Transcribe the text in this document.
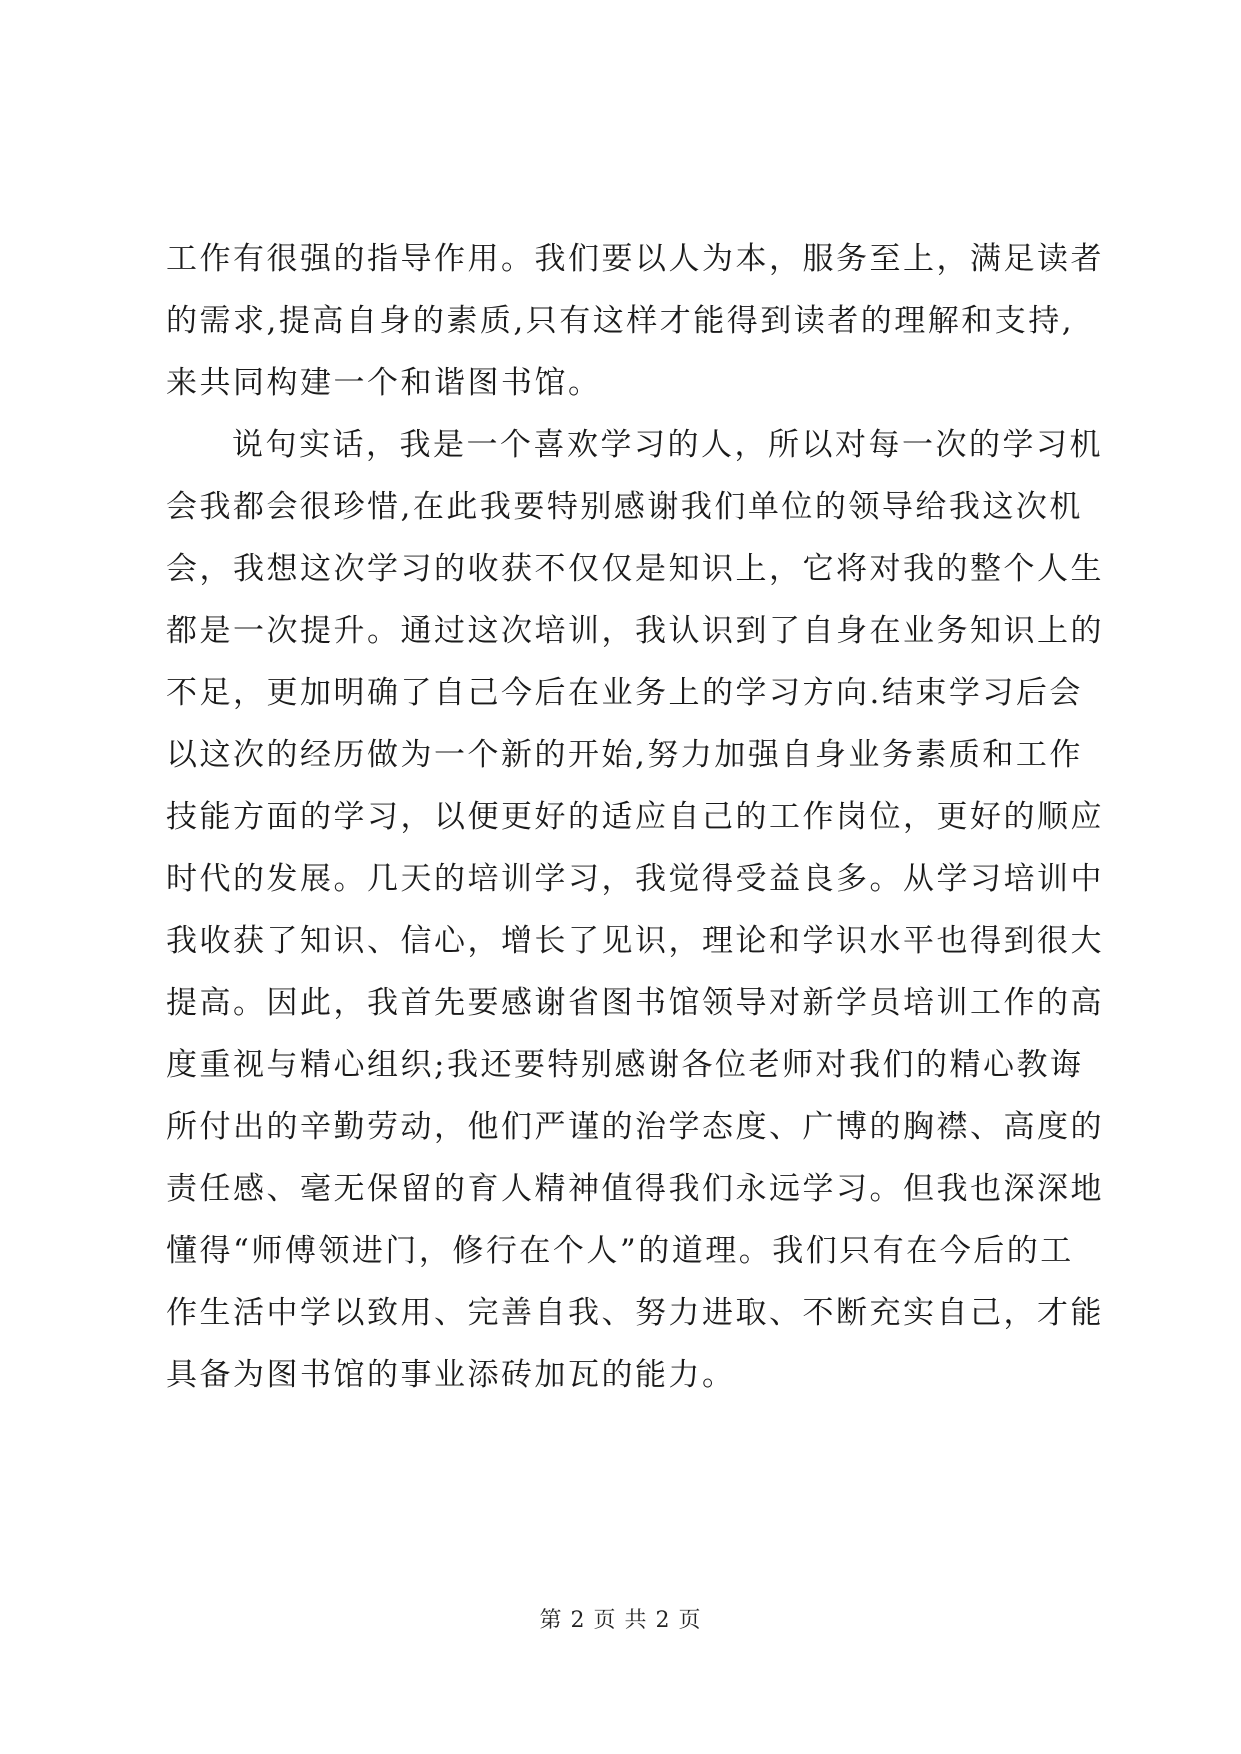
工作有很强的指导作用。我们要以人为本，服务至上，满足读者
的需求,提高自身的素质,只有这样才能得到读者的理解和支持,
来共同构建一个和谐图书馆。
说句实话，我是一个喜欢学习的人，所以对每一次的学习机
会我都会很珍惜,在此我要特别感谢我们单位的领导给我这次机
会，我想这次学习的收获不仅仅是知识上，它将对我的整个人生
都是一次提升。通过这次培训，我认识到了自身在业务知识上的
不足，更加明确了自己今后在业务上的学习方向.结束学习后会
以这次的经历做为一个新的开始,努力加强自身业务素质和工作
技能方面的学习，以便更好的适应自己的工作岗位，更好的顺应
时代的发展。几天的培训学习，我觉得受益良多。从学习培训中
我收获了知识、信心，增长了见识，理论和学识水平也得到很大
提高。因此，我首先要感谢省图书馆领导对新学员培训工作的高
度重视与精心组织;我还要特别感谢各位老师对我们的精心教诲
所付出的辛勤劳动，他们严谨的治学态度、广博的胸襟、高度的
责任感、毫无保留的育人精神值得我们永远学习。但我也深深地
懂得“师傅领进门，修行在个人”的道理。我们只有在今后的工
作生活中学以致用、完善自我、努力进取、不断充实自己，才能
具备为图书馆的事业添砖加瓦的能力。
第 2 页 共 2 页
